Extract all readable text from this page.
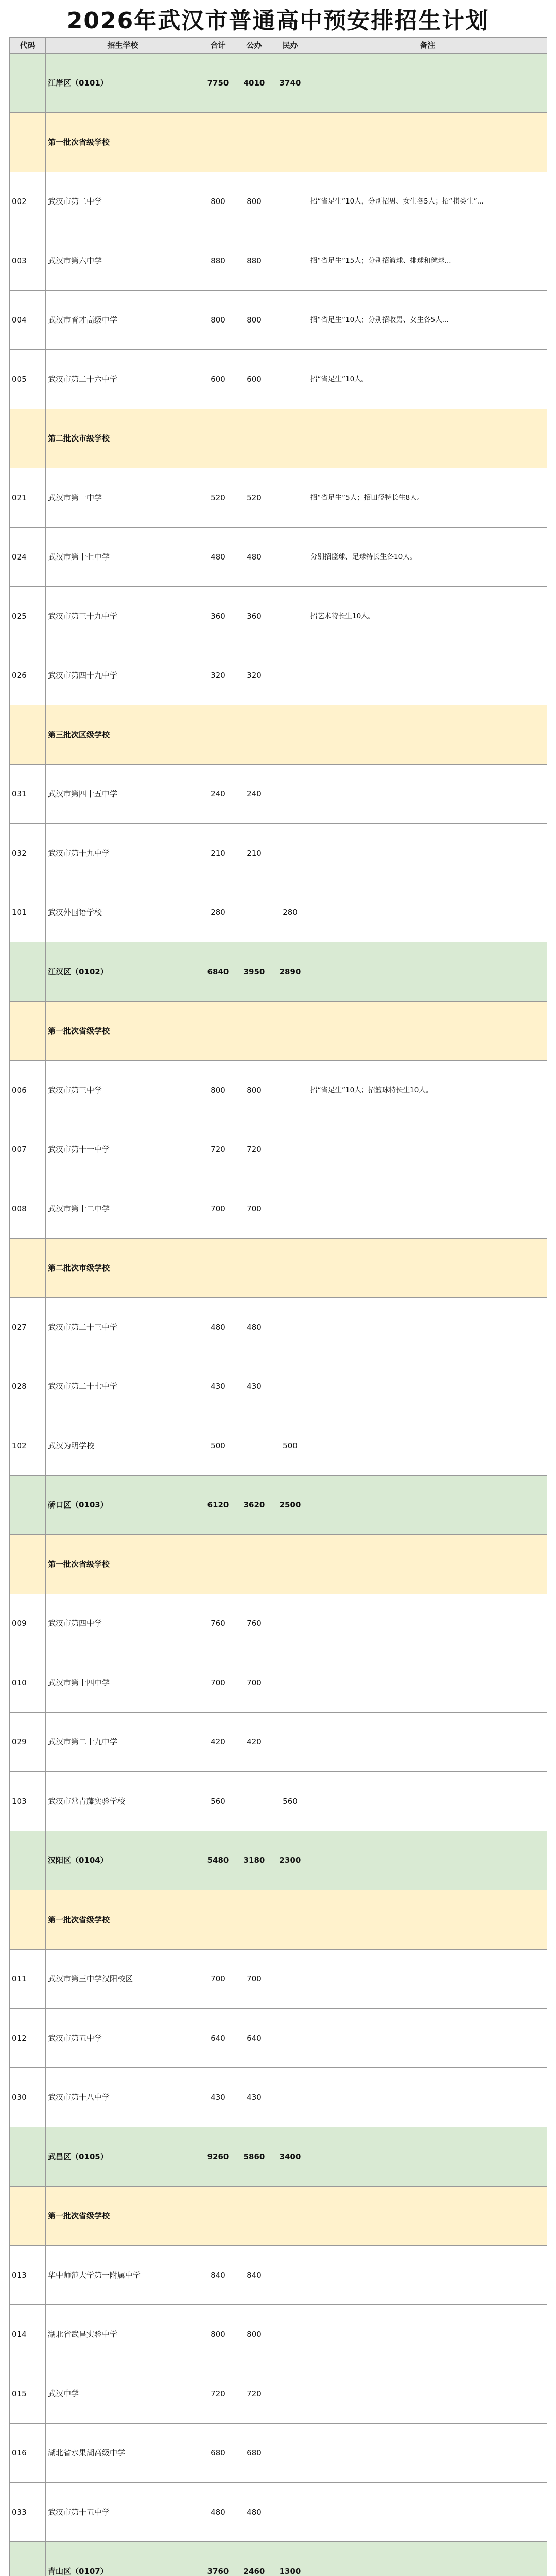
2026年武汉市普通高中预安排招生计划
代码	招生学校	合计	公办	民办	备注
	江岸区（0101）	7750	4010	3740	
	第一批次省级学校				
002	武汉市第二中学	800	800		招“省足生”10人，分别招男、女生各5人；招“棋类生”...
003	武汉市第六中学	880	880		招“省足生”15人；分别招篮球、排球和毽球...
004	武汉市育才高级中学	800	800		招“省足生”10人；分别招收男、女生各5人...
005	武汉市第二十六中学	600	600		招“省足生”10人。
	第二批次市级学校				
021	武汉市第一中学	520	520		招“省足生”5人；招田径特长生8人。
024	武汉市第十七中学	480	480		分别招篮球、足球特长生各10人。
025	武汉市第三十九中学	360	360		招艺术特长生10人。
026	武汉市第四十九中学	320	320		
	第三批次区级学校				
031	武汉市第四十五中学	240	240		
032	武汉市第十九中学	210	210		
101	武汉外国语学校	280		280	
	江汉区（0102）	6840	3950	2890	
	第一批次省级学校				
006	武汉市第三中学	800	800		招“省足生”10人；招篮球特长生10人。
007	武汉市第十一中学	720	720		
008	武汉市第十二中学	700	700		
	第二批次市级学校				
027	武汉市第二十三中学	480	480		
028	武汉市第二十七中学	430	430		
102	武汉为明学校	500		500	
	硚口区（0103）	6120	3620	2500	
	第一批次省级学校				
009	武汉市第四中学	760	760		
010	武汉市第十四中学	700	700		
029	武汉市第二十九中学	420	420		
103	武汉市常青藤实验学校	560		560	
	汉阳区（0104）	5480	3180	2300	
	第一批次省级学校				
011	武汉市第三中学汉阳校区	700	700		
012	武汉市第五中学	640	640		
030	武汉市第十八中学	430	430		
	武昌区（0105）	9260	5860	3400	
	第一批次省级学校				
013	华中师范大学第一附属中学	840	840		
014	湖北省武昌实验中学	800	800		
015	武汉中学	720	720		
016	湖北省水果湖高级中学	680	680		
033	武汉市第十五中学	480	480		
	青山区（0107）	3760	2460	1300	
